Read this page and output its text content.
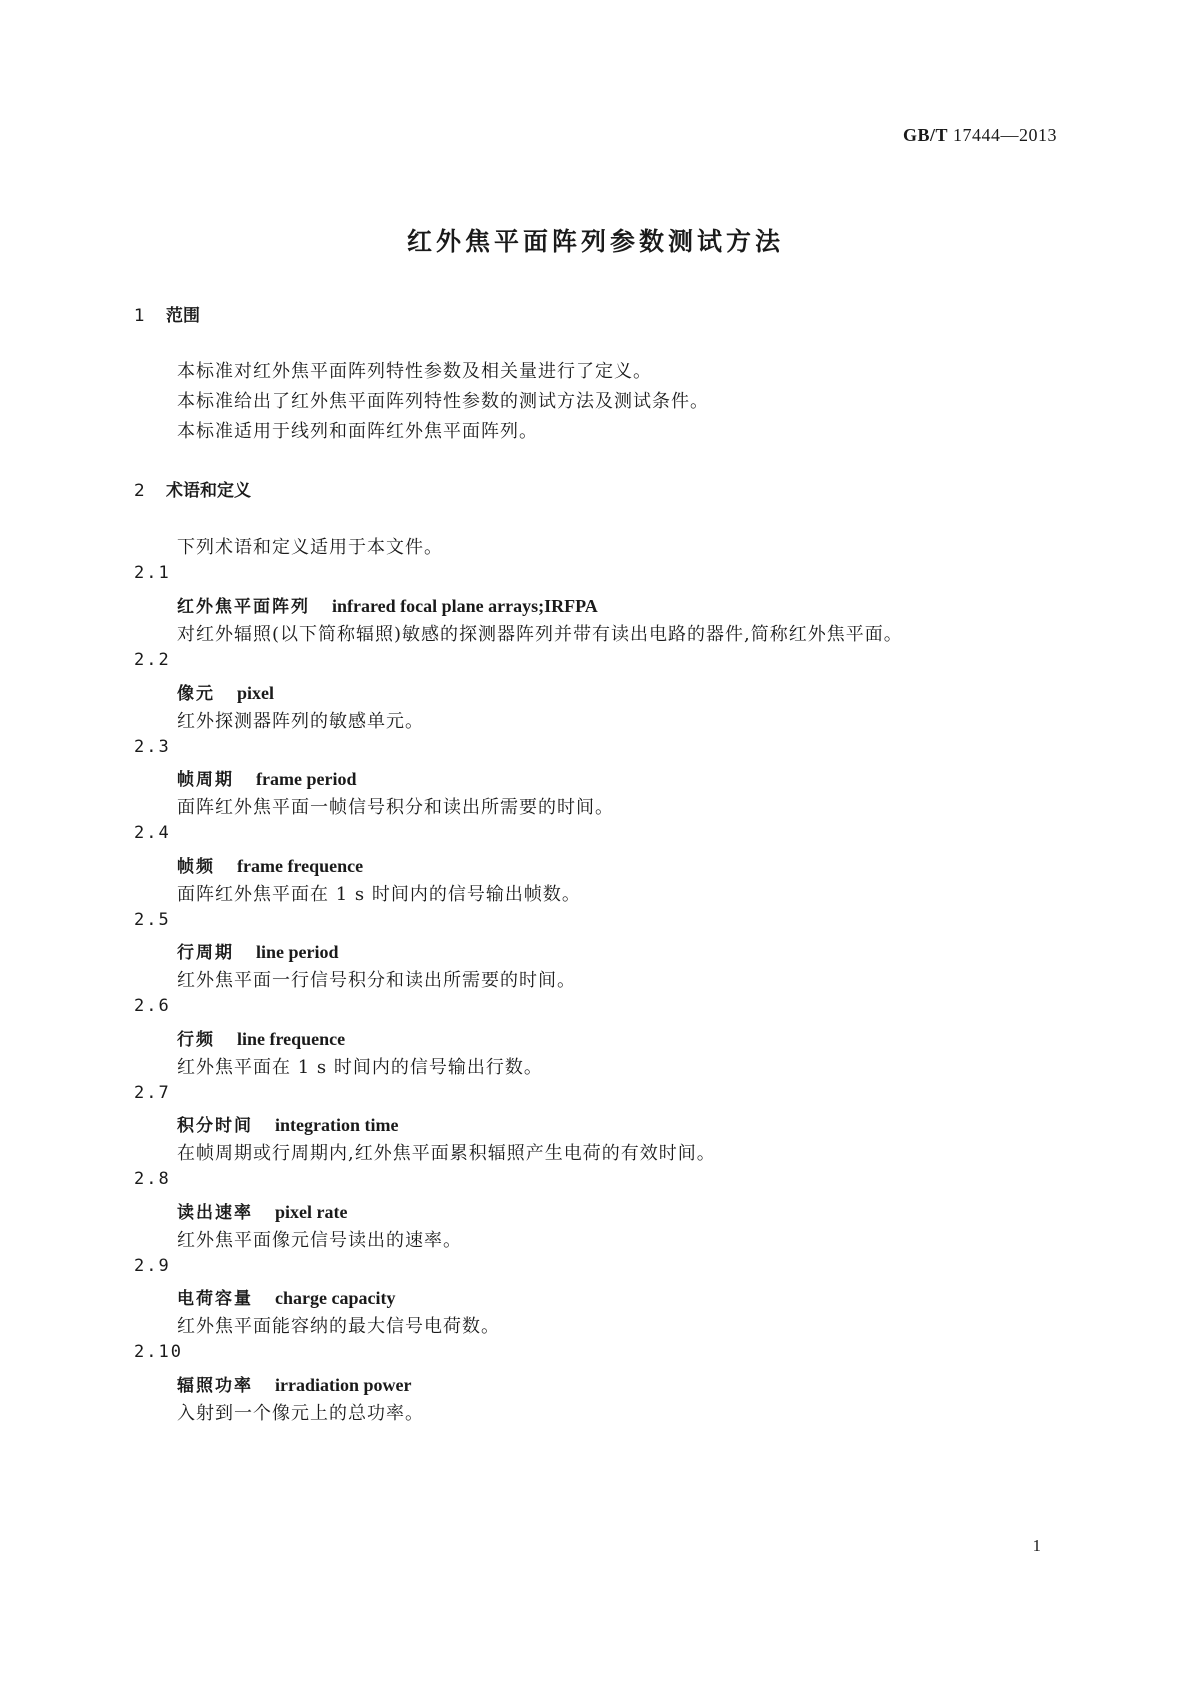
GB/T 17444—2013
红外焦平面阵列参数测试方法
1 范围
本标准对红外焦平面阵列特性参数及相关量进行了定义。
本标准给出了红外焦平面阵列特性参数的测试方法及测试条件。
本标准适用于线列和面阵红外焦平面阵列。
2 术语和定义
下列术语和定义适用于本文件。
2.1
红外焦平面阵列 infrared focal plane arrays;IRFPA
对红外辐照(以下简称辐照)敏感的探测器阵列并带有读出电路的器件,简称红外焦平面。
2.2
像元 pixel
红外探测器阵列的敏感单元。
2.3
帧周期 frame period
面阵红外焦平面一帧信号积分和读出所需要的时间。
2.4
帧频 frame frequence
面阵红外焦平面在 1 s 时间内的信号输出帧数。
2.5
行周期 line period
红外焦平面一行信号积分和读出所需要的时间。
2.6
行频 line frequence
红外焦平面在 1 s 时间内的信号输出行数。
2.7
积分时间 integration time
在帧周期或行周期内,红外焦平面累积辐照产生电荷的有效时间。
2.8
读出速率 pixel rate
红外焦平面像元信号读出的速率。
2.9
电荷容量 charge capacity
红外焦平面能容纳的最大信号电荷数。
2.10
辐照功率 irradiation power
入射到一个像元上的总功率。
1
